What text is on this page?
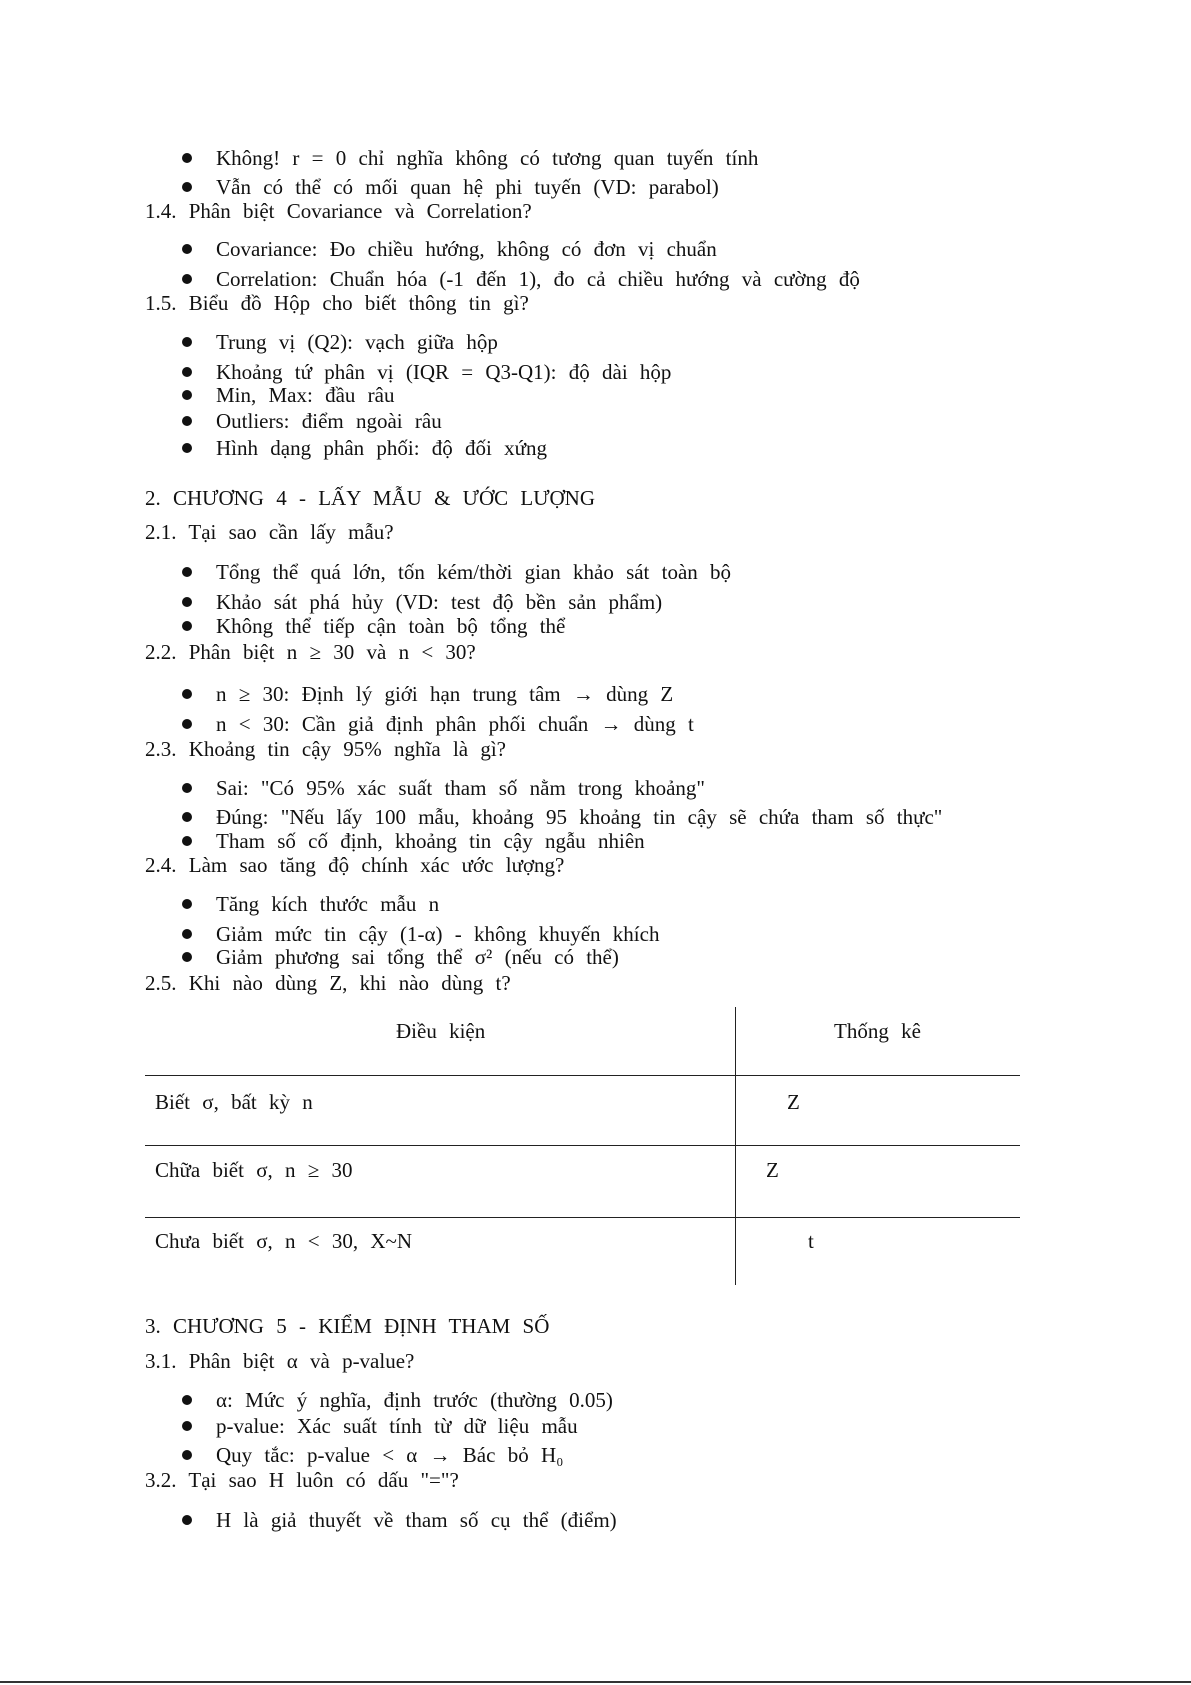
Không! r = 0 chỉ nghĩa không có tương quan tuyến tính
Vẫn có thể có mối quan hệ phi tuyến (VD: parabol)
1.4. Phân biệt Covariance và Correlation?
Covariance: Đo chiều hướng, không có đơn vị chuẩn
Correlation: Chuẩn hóa (-1 đến 1), đo cả chiều hướng và cường độ
1.5. Biểu đồ Hộp cho biết thông tin gì?
Trung vị (Q2): vạch giữa hộp
Khoảng tứ phân vị (IQR = Q3-Q1): độ dài hộp
Min, Max: đầu râu
Outliers: điểm ngoài râu
Hình dạng phân phối: độ đối xứng
2. CHƯƠNG 4 - LẤY MẪU & ƯỚC LƯỢNG
2.1. Tại sao cần lấy mẫu?
Tổng thể quá lớn, tốn kém/thời gian khảo sát toàn bộ
Khảo sát phá hủy (VD: test độ bền sản phẩm)
Không thể tiếp cận toàn bộ tổng thể
2.2. Phân biệt n ≥ 30 và n < 30?
n ≥ 30: Định lý giới hạn trung tâm → dùng Z
n < 30: Cần giả định phân phối chuẩn → dùng t
2.3. Khoảng tin cậy 95% nghĩa là gì?
Sai: "Có 95% xác suất tham số nằm trong khoảng"
Đúng: "Nếu lấy 100 mẫu, khoảng 95 khoảng tin cậy sẽ chứa tham số thực"
Tham số cố định, khoảng tin cậy ngẫu nhiên
2.4. Làm sao tăng độ chính xác ước lượng?
Tăng kích thước mẫu n
Giảm mức tin cậy (1-α) - không khuyến khích
Giảm phương sai tổng thể σ² (nếu có thể)
2.5. Khi nào dùng Z, khi nào dùng t?
Điều kiện	Thống kê
Biết σ, bất kỳ n	Z
Chữa biết σ, n ≥ 30	Z
Chưa biết σ, n < 30, X~N	t
3. CHƯƠNG 5 - KIỂM ĐỊNH THAM SỐ
3.1. Phân biệt α và p-value?
α: Mức ý nghĩa, định trước (thường 0.05)
p-value: Xác suất tính từ dữ liệu mẫu
Quy tắc: p-value < α → Bác bỏ H₀
3.2. Tại sao H luôn có dấu "="?
H là giả thuyết về tham số cụ thể (điểm)
